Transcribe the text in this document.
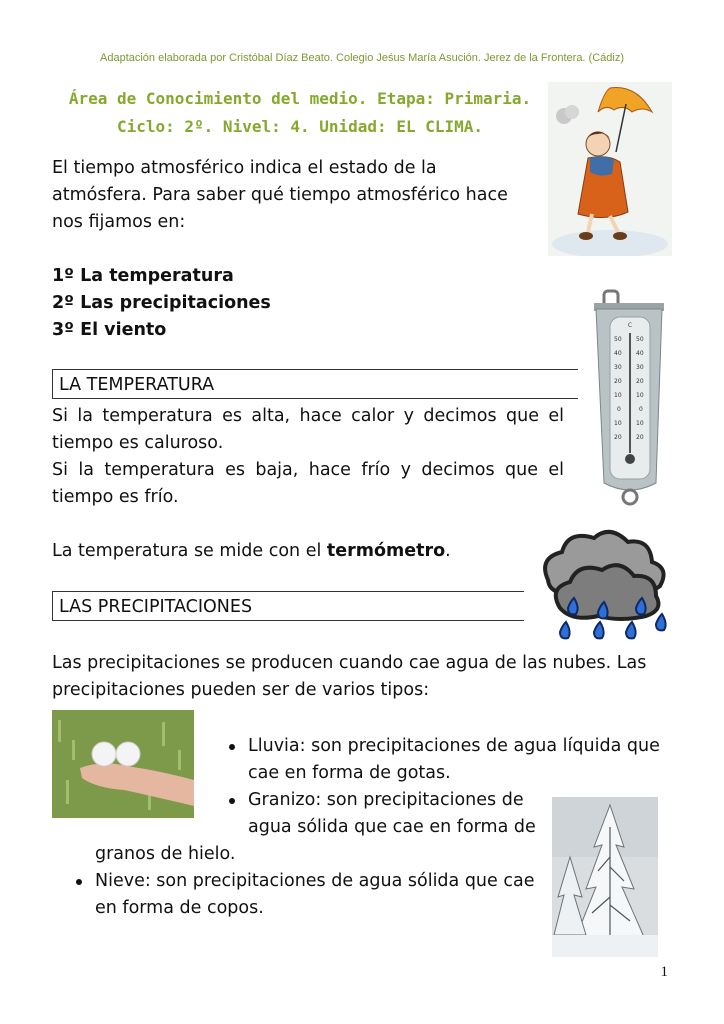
Adaptación elaborada por Cristóbal Díaz Beato. Colegio Jeśus María Asución. Jerez de la Frontera. (Cádiz)
Área de Conocimiento del medio. Etapa: Primaria.
Ciclo: 2º. Nivel: 4. Unidad: EL CLIMA.
El tiempo atmosférico indica el estado de la
atmósfera. Para saber qué tiempo atmosférico hace
nos fijamos en:
1º La temperatura
2º Las precipitaciones
3º El viento	C
50
40
30
20
10
0
10
20
50
40
30
20
10
0
10
20
LA TEMPERATURA
Si la temperatura es alta, hace calor y decimos que el
tiempo es caluroso.
Si la temperatura es baja, hace frío y decimos que el
tiempo es frío.
La temperatura se mide con el termómetro.
LAS PRECIPITACIONES
Las precipitaciones se producen cuando cae agua de las nubes. Las
precipitaciones pueden ser de varios tipos:
Lluvia: son precipitaciones de agua líquida que
cae en forma de gotas.
Granizo: son precipitaciones de
agua sólida que cae en forma de
granos de hielo.
Nieve: son precipitaciones de agua sólida que cae
en forma de copos.
1
